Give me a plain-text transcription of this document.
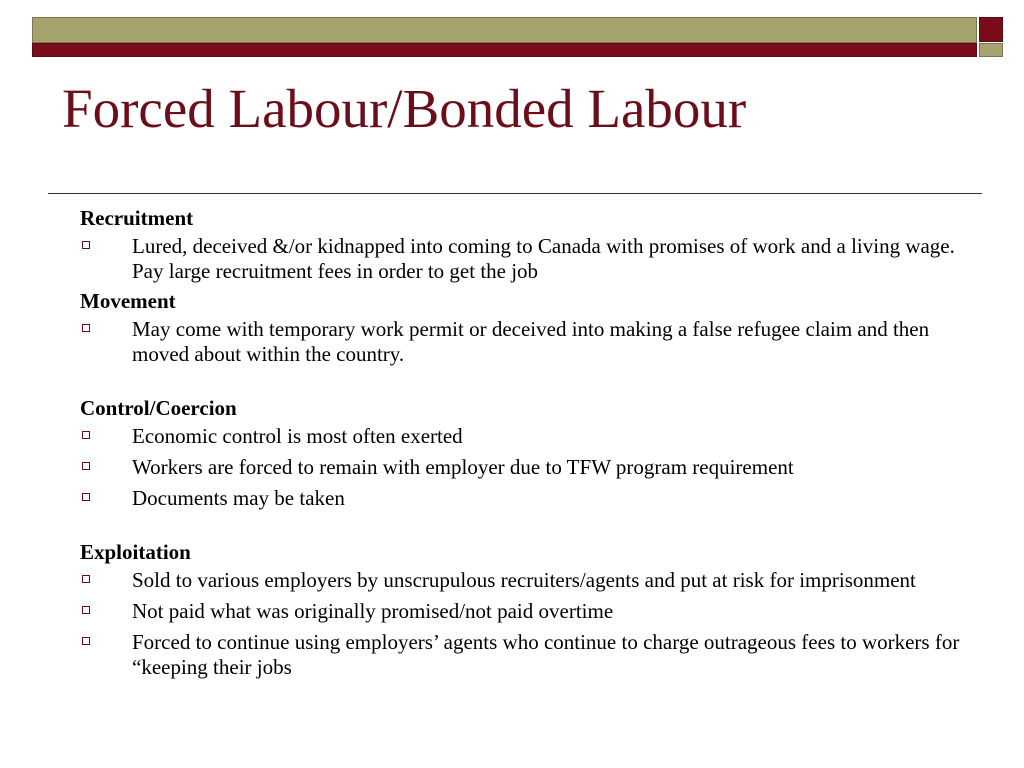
Forced Labour/Bonded Labour
Recruitment
Lured, deceived &/or kidnapped into coming to Canada with promises of work and a living wage. Pay large recruitment fees in order to get the job
Movement
May come with temporary work permit or deceived into making a false refugee claim and then moved about within the country.
Control/Coercion
Economic control is most often exerted
Workers are forced to remain with employer due to TFW program requirement
Documents may be taken
Exploitation
Sold to various employers by unscrupulous recruiters/agents and put at risk for imprisonment
Not paid what was originally promised/not paid overtime
Forced to continue using employers’ agents who continue to charge outrageous fees to workers for “keeping their jobs
